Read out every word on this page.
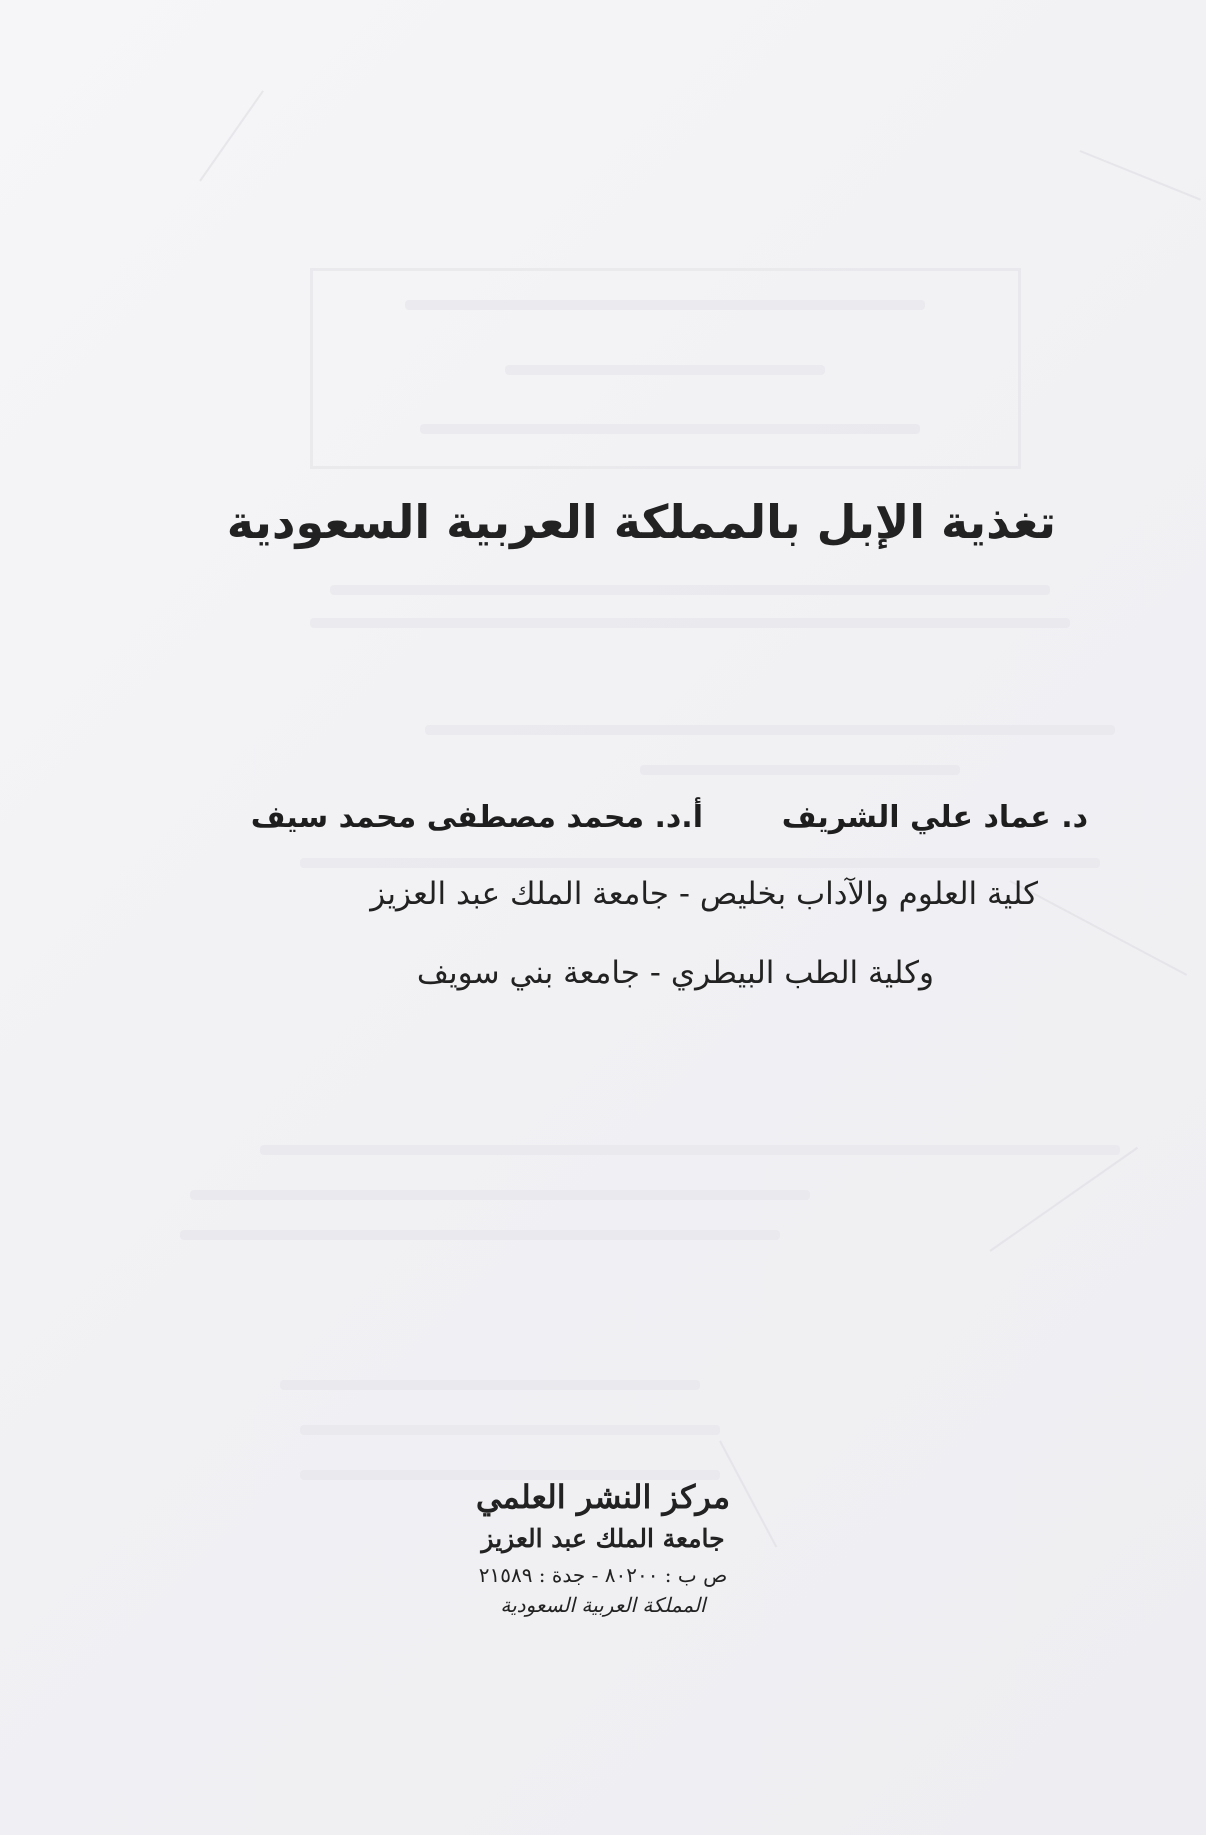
تغذية الإبل بالمملكة العربية السعودية
د. عماد علي الشريف
أ.د. محمد مصطفى محمد سيف
كلية العلوم والآداب بخليص - جامعة الملك عبد العزيز
وكلية الطب البيطري - جامعة بني سويف
مركز النشر العلمي
جامعة الملك عبد العزيز
ص ب : ٨٠٢٠٠ - جدة : ٢١٥٨٩
المملكة العربية السعودية
